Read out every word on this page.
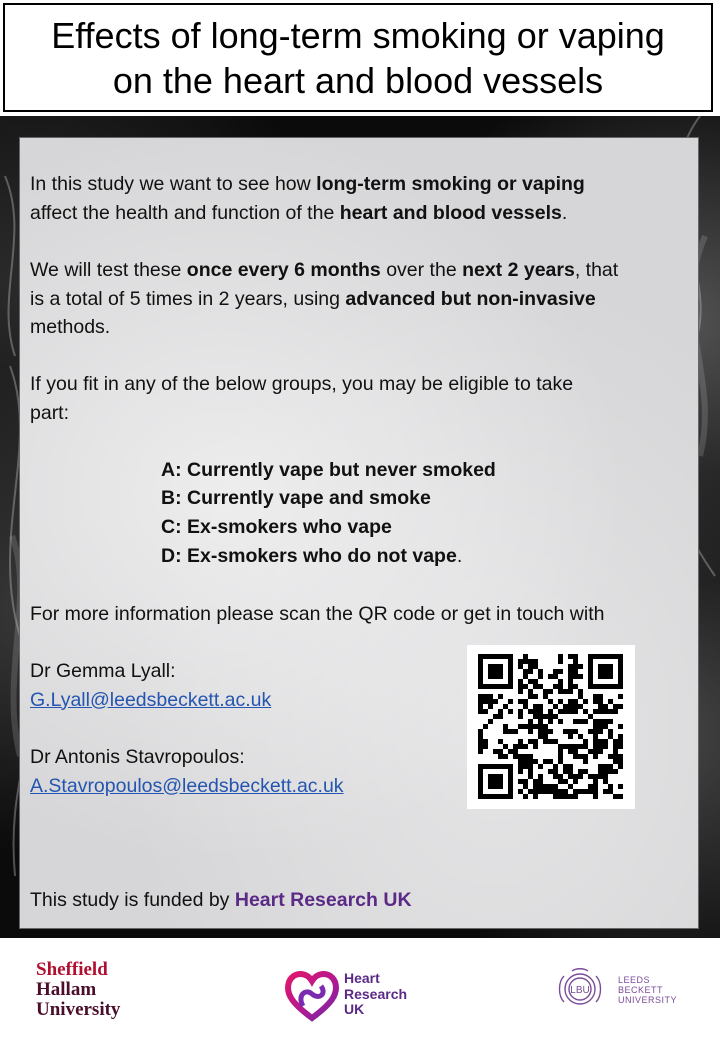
Effects of long-term smoking or vaping
on the heart and blood vessels

In this study we want to see how long-term smoking or vaping
affect the health and function of the heart and blood vessels.

We will test these once every 6 months over the next 2 years, that
is a total of 5 times in 2 years, using advanced but non-invasive
methods.

If you fit in any of the below groups, you may be eligible to take
part:

A: Currently vape but never smoked

B: Currently vape and smoke

C: Ex-smokers who vape

D: Ex-smokers who do not vape.

For more information please scan the QR code or get in touch with

Dr Gemma Lyall:
G.Lyall@leedsbeckett.ac.uk

Dr Antonis Stavropoulos:
A.Stavropoulos@leedsbeckett.ac.uk

This study is funded by Heart Research UK

Sheffield
Hallam
University

Heart
Research
UK

LBU

LEEDS
BECKETT
UNIVERSITY
